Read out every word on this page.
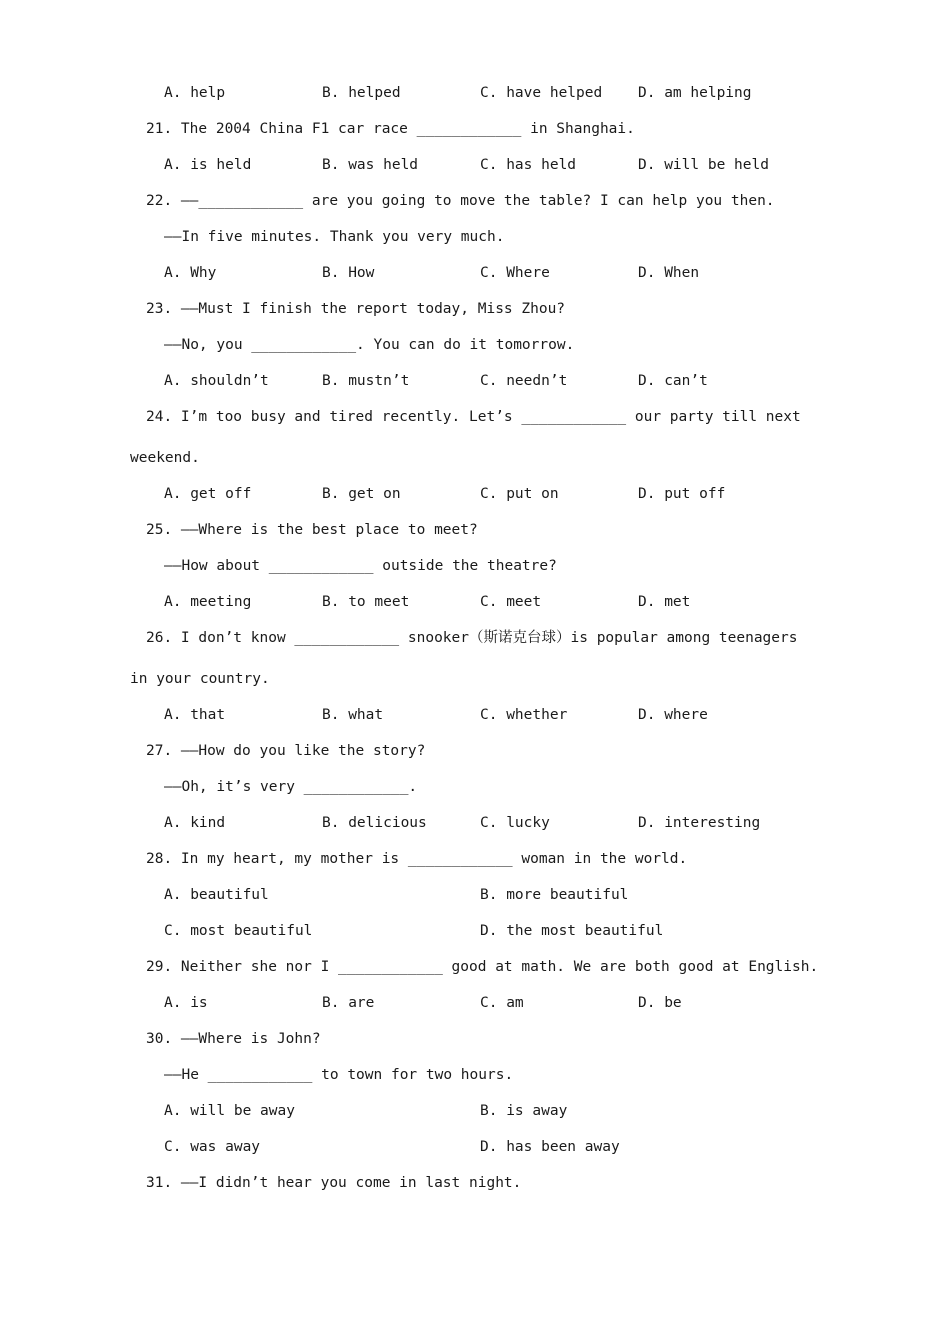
A. help	B. helped	C. have helped D. am helping
21. The 2004 China F1 car race ____________ in Shanghai.
A. is held	B. was held	C. has held	D. will be held
22. ——____________ are you going to move the table? I can help you then.
——In five minutes. Thank you very much.
A. Why	B. How	C. Where	D. When
23. ——Must I finish the report today, Miss Zhou?
——No, you ____________. You can do it tomorrow.
A. shouldn’t	B. mustn’t	C. needn’t	D. can’t
24. I’m too busy and tired recently. Let’s ____________ our party till next
weekend.
A. get off	B. get on	C. put on	D. put off
25. ——Where is the best place to meet?
——How about ____________ outside the theatre?
A. meeting	B. to meet	C. meet	D. met
26. I don’t know ____________ snooker（斯诺克台球）is popular among teenagers
in your country.
A. that	B. what	C. whether	D. where
27. ——How do you like the story?
——Oh, it’s very ____________.
A. kind	B. delicious	C. lucky	D. interesting
28. In my heart, my mother is ____________ woman in the world.
A. beautiful	B. more beautiful
C. most beautiful	D. the most beautiful
29. Neither she nor I ____________ good at math. We are both good at English.
A. is	B. are	C. am	D. be
30. ——Where is John?
——He ____________ to town for two hours.
A. will be away	B. is away
C. was away	D. has been away
31. ——I didn’t hear you come in last night.
